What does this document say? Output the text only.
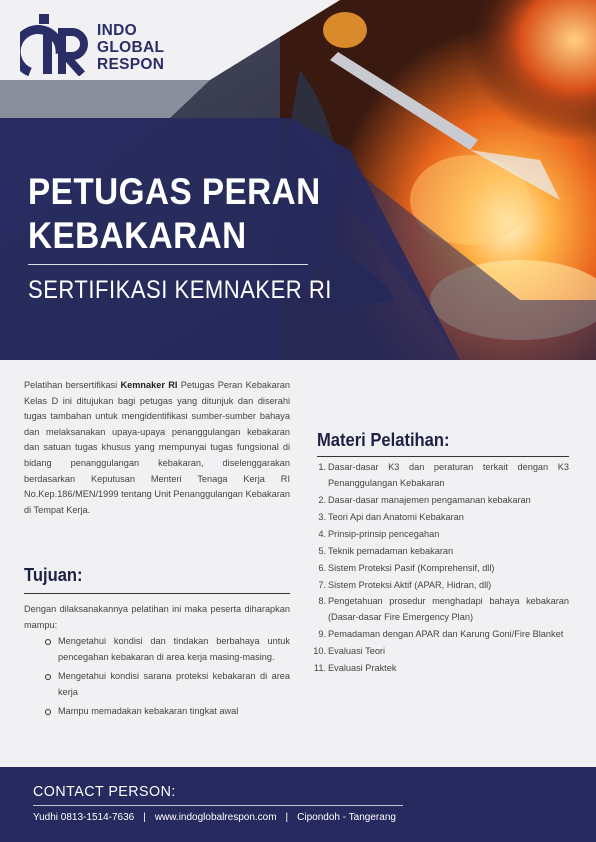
INDO
GLOBAL
RESPON
PETUGAS PERAN
KEBAKARAN
SERTIFIKASI KEMNAKER RI

Pelatihan bersertifikasi Kemnaker RI Petugas Peran Kebakaran Kelas D ini ditujukan bagi petugas yang ditunjuk dan diserahi tugas tambahan untuk mengidentifikasi sumber-sumber bahaya dan melaksanakan upaya-upaya penanggulangan kebakaran dan satuan tugas khusus yang mempunyai tugas fungsional di bidang penanggulangan kebakaran, diselenggarakan berdasarkan Keputusan Menteri Tenaga Kerja RI No.Kep.186/MEN/1999 tentang Unit Penanggulangan Kebakaran di Tempat Kerja.

Tujuan:

Dengan dilaksanakannya pelatihan ini maka peserta diharapkan mampu:

Mengetahui kondisi dan tindakan berbahaya untuk pencegahan kebakaran di area kerja masing-masing.
Mengetahui kondisi sarana proteksi kebakaran di area kerja
Mampu memadakan kebakaran tingkat awal
Materi Pelatihan:
1. Dasar-dasar K3 dan peraturan terkait dengan K3 Penanggulangan Kebakaran
2. Dasar-dasar manajemen pengamanan kebakaran
3. Teori Api dan Anatomi Kebakaran
4. Prinsip-prinsip pencegahan
5. Teknik pemadaman kebakaran
6. Sistem Proteksi Pasif (Komprehensif, dll)
7. Sistem Proteksi Aktif (APAR, Hidran, dll)
8. Pengetahuan prosedur menghadapi bahaya kebakaran (Dasar-dasar Fire Emergency Plan)
9. Pemadaman dengan APAR dan Karung Goni/Fire Blanket
10. Evaluasi Teori
11. Evaluasi Praktek
CONTACT PERSON:
Yudhi 0813-1514-7636 | www.indoglobalrespon.com | Cipondoh - Tangerang
